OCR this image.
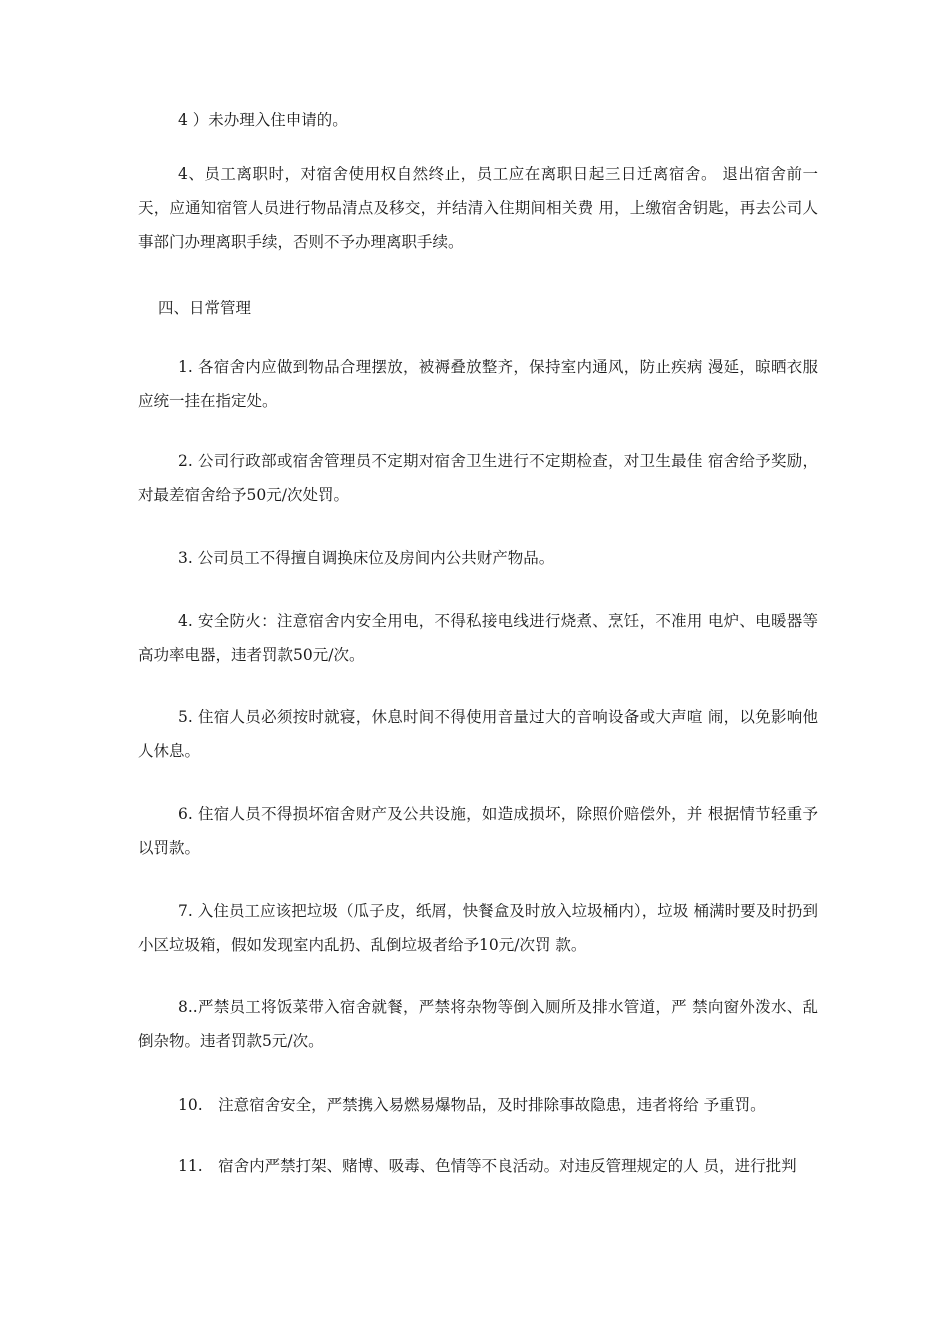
4 ）未办理入住申请的。

4、员工离职时，对宿舍使用权自然终止，员工应在离职日起三日迁离宿舍。 退出宿舍前一天，应通知宿管人员进行物品清点及移交，并结清入住期间相关费 用，上缴宿舍钥匙，再去公司人事部门办理离职手续，否则不予办理离职手续。

四、日常管理

1. 各宿舍内应做到物品合理摆放，被褥叠放整齐，保持室内通风，防止疾病 漫延，晾晒衣服应统一挂在指定处。

2. 公司行政部或宿舍管理员不定期对宿舍卫生进行不定期检查，对卫生最佳 宿舍给予奖励，对最差宿舍给予50元/次处罚。

3. 公司员工不得擅自调换床位及房间内公共财产物品。

4. 安全防火：注意宿舍内安全用电，不得私接电线进行烧煮、烹饪，不准用 电炉、电暖器等高功率电器，违者罚款50元/次。

5. 住宿人员必须按时就寝，休息时间不得使用音量过大的音响设备或大声喧 闹，以免影响他人休息。

6. 住宿人员不得损坏宿舍财产及公共设施，如造成损坏，除照价赔偿外，并 根据情节轻重予以罚款。

7. 入住员工应该把垃圾（瓜子皮，纸屑，快餐盒及时放入垃圾桶内），垃圾 桶满时要及时扔到小区垃圾箱，假如发现室内乱扔、乱倒垃圾者给予10元/次罚 款。

8..严禁员工将饭菜带入宿舍就餐，严禁将杂物等倒入厕所及排水管道，严 禁向窗外泼水、乱倒杂物。违者罚款5元/次。

10.　注意宿舍安全，严禁携入易燃易爆物品，及时排除事故隐患，违者将给 予重罚。

11.　宿舍内严禁打架、赌博、吸毒、色情等不良活动。对违反管理规定的人 员，进行批判
